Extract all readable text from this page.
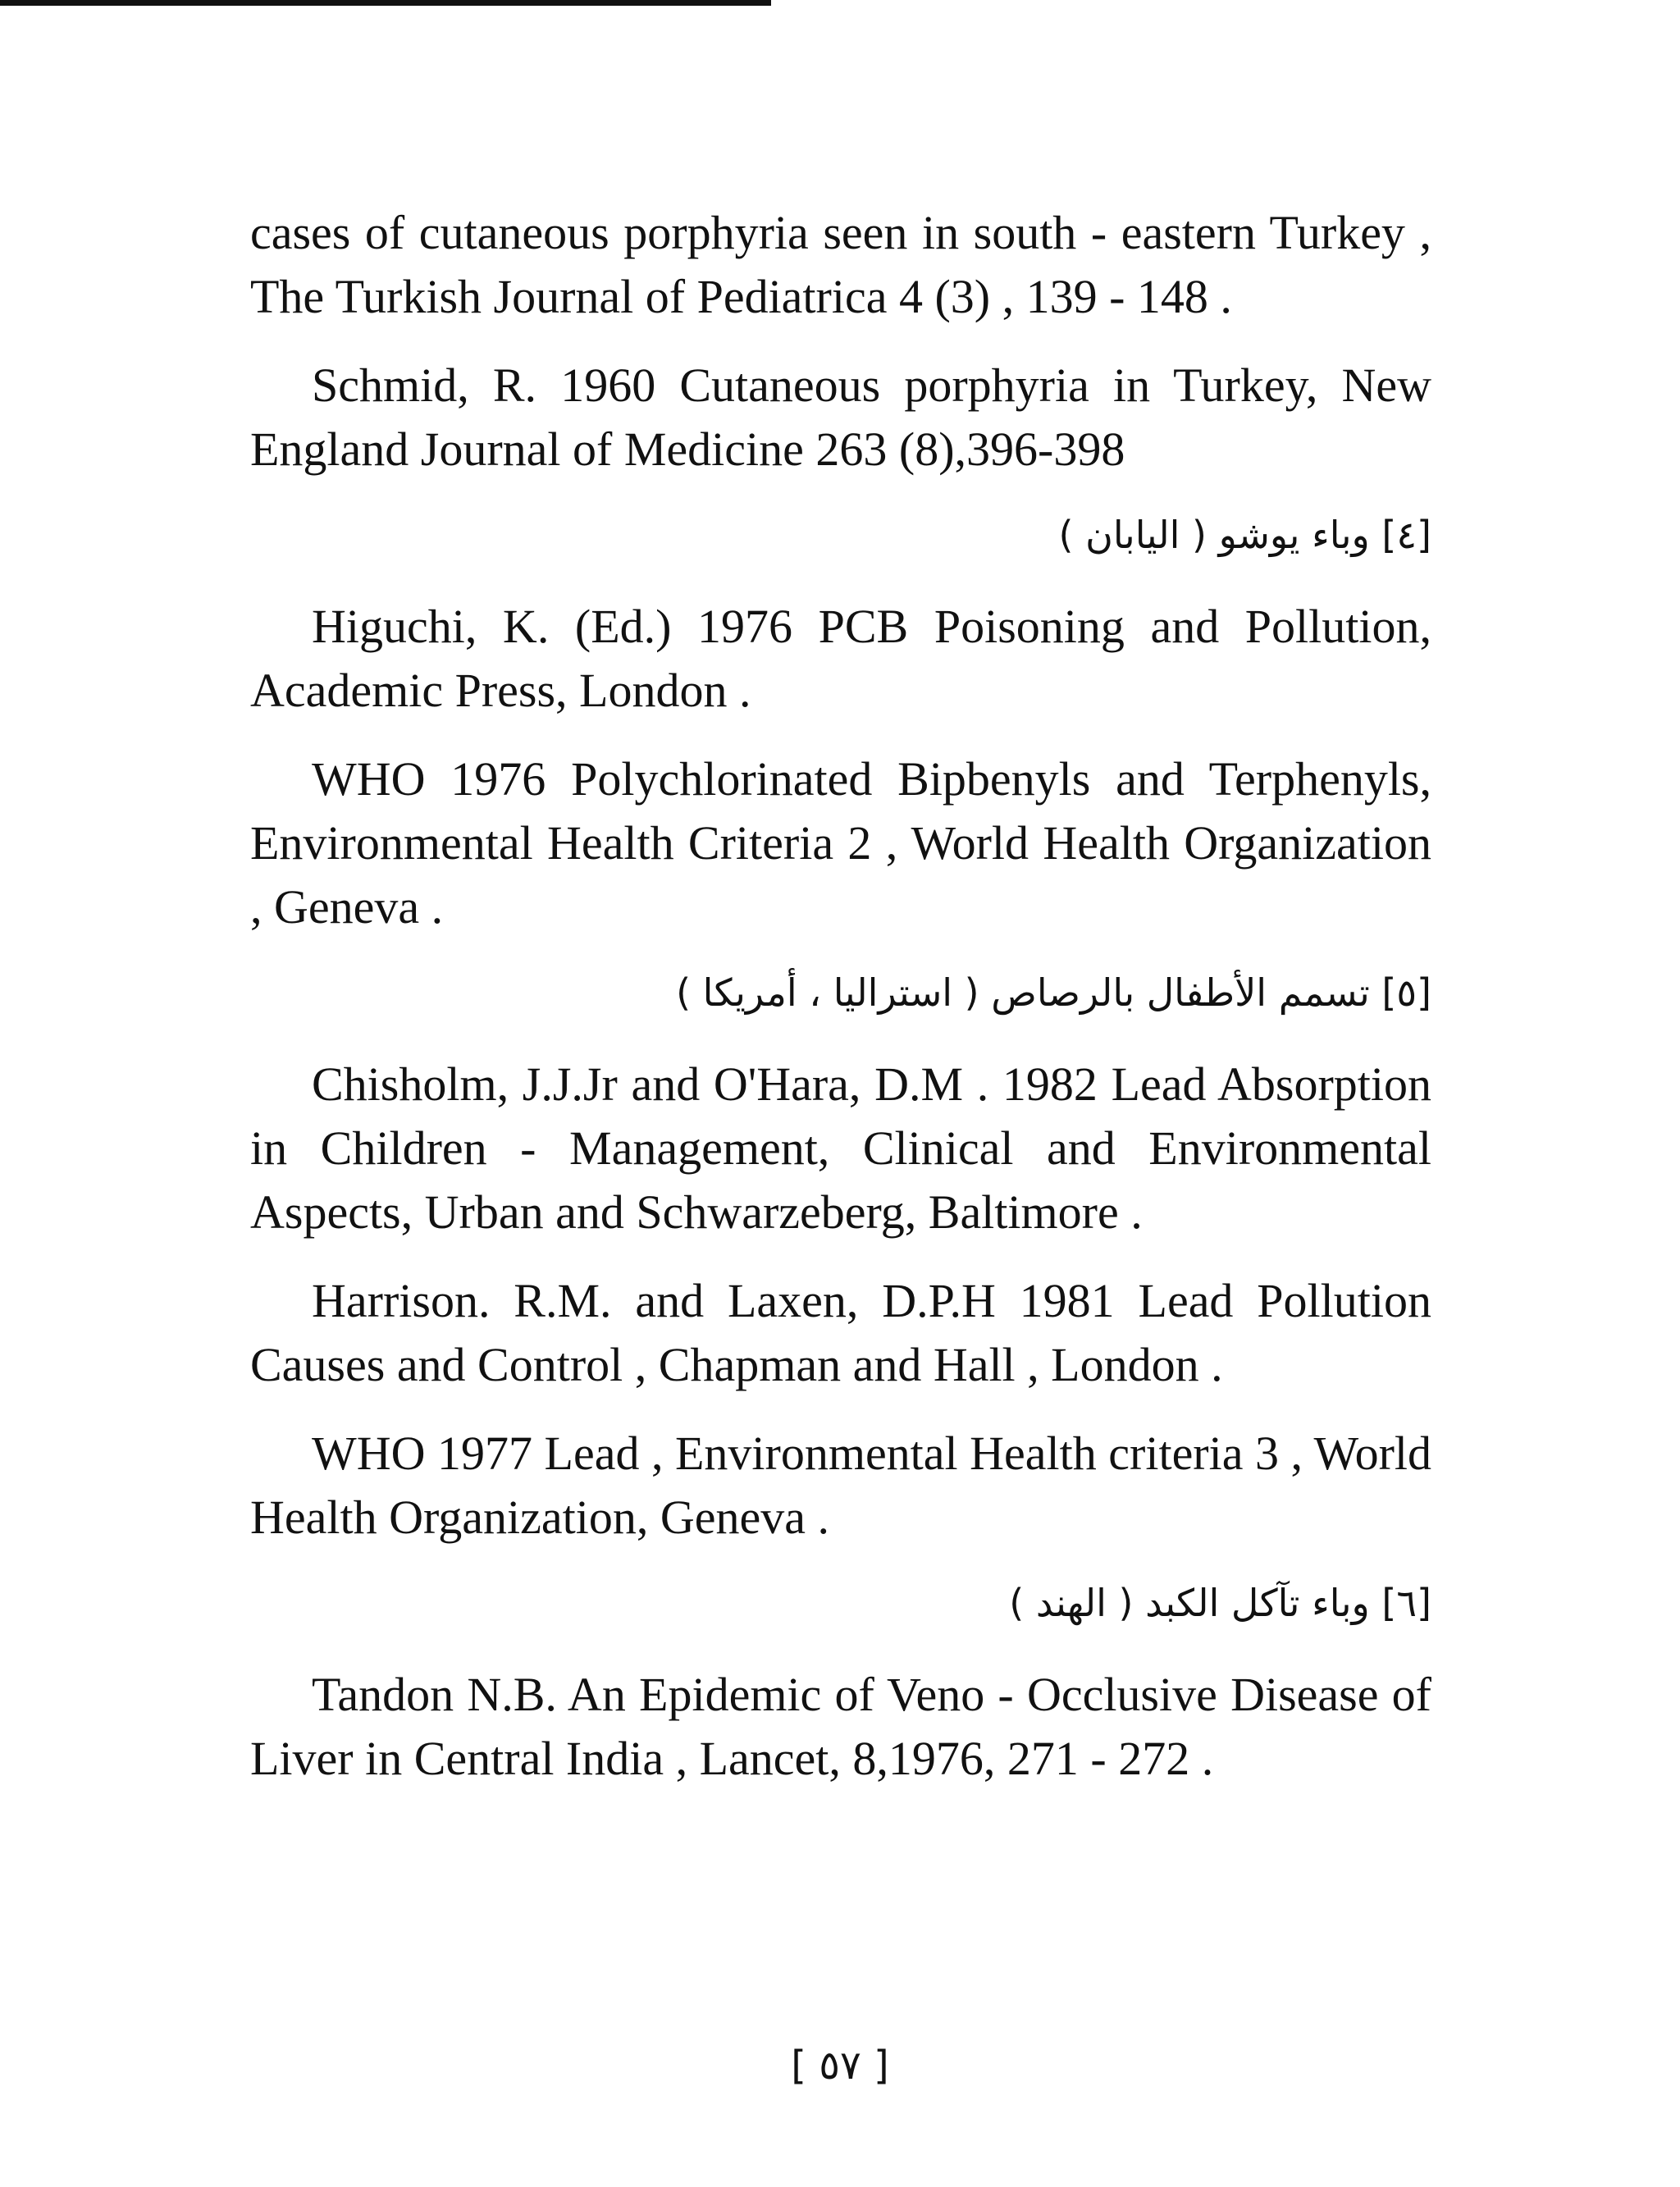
cases of cutaneous porphyria seen in south - eastern Turkey , The Turkish Journal of Pediatrica 4 (3) , 139 - 148 .

Schmid, R. 1960 Cutaneous porphyria in Turkey, New England Journal of Medicine 263 (8),396-398

[٤] وباء يوشو ( اليابان )

Higuchi, K. (Ed.) 1976 PCB Poisoning and Pollution, Academic Press, London .

WHO 1976 Polychlorinated Bipbenyls and Terphenyls, Environmental Health Criteria 2 , World Health Organization , Geneva .

[٥] تسمم الأطفال بالرصاص ( استراليا ، أمريكا )

Chisholm, J.J.Jr and O'Hara, D.M . 1982 Lead Absorption in Children - Management, Clinical and Environmental Aspects, Urban and Schwarzeberg, Baltimore .

Harrison. R.M. and Laxen, D.P.H 1981 Lead Pollution Causes and Control , Chapman and Hall , London .

WHO 1977 Lead , Environmental Health criteria 3 , World Health Organization, Geneva .

[٦] وباء تآكل الكبد ( الهند )

Tandon N.B. An Epidemic of Veno - Occlusive Disease of Liver in Central India , Lancet, 8,1976, 271 - 272 .

[ ٥٧ ]
